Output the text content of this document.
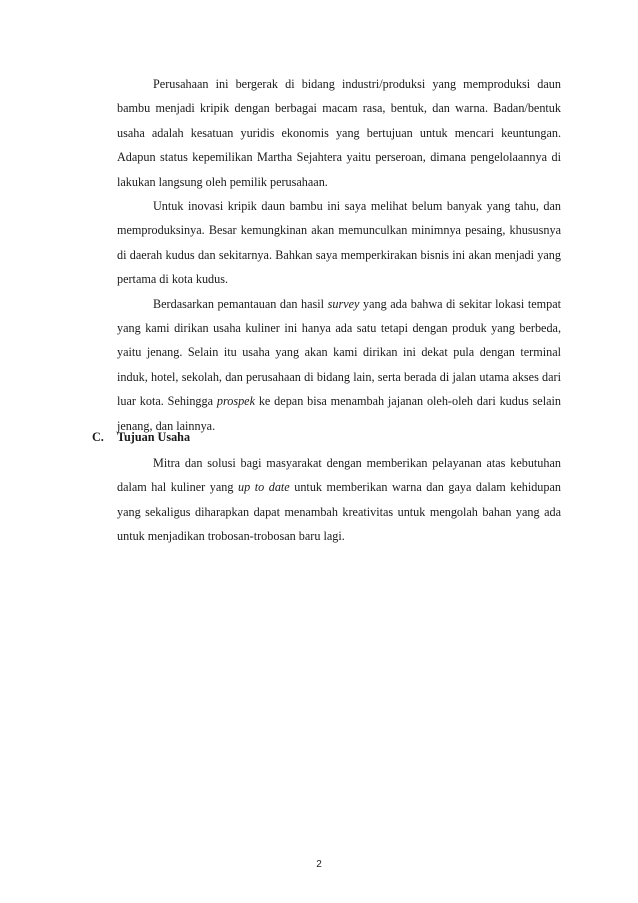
Perusahaan ini bergerak di bidang industri/produksi yang memproduksi daun bambu menjadi kripik dengan berbagai macam rasa, bentuk, dan warna. Badan/bentuk usaha adalah kesatuan yuridis ekonomis yang bertujuan untuk mencari keuntungan. Adapun status kepemilikan Martha Sejahtera yaitu perseroan, dimana pengelolaannya di lakukan langsung oleh pemilik perusahaan.

Untuk inovasi kripik daun bambu ini saya melihat belum banyak yang tahu, dan memproduksinya. Besar kemungkinan akan memunculkan minimnya pesaing, khususnya di daerah kudus dan sekitarnya. Bahkan saya memperkirakan bisnis ini akan menjadi yang pertama di kota kudus.

Berdasarkan pemantauan dan hasil survey yang ada bahwa di sekitar lokasi tempat yang kami dirikan usaha kuliner ini hanya ada satu tetapi dengan produk yang berbeda, yaitu jenang. Selain itu usaha yang akan kami dirikan ini dekat pula dengan terminal induk, hotel, sekolah, dan perusahaan di bidang lain, serta berada di jalan utama akses dari luar kota. Sehingga prospek ke depan bisa menambah jajanan oleh-oleh dari kudus selain jenang, dan lainnya.

C. Tujuan Usaha

Mitra dan solusi bagi masyarakat dengan memberikan pelayanan atas kebutuhan dalam hal kuliner yang up to date untuk memberikan warna dan gaya dalam kehidupan yang sekaligus diharapkan dapat menambah kreativitas untuk mengolah bahan yang ada untuk menjadikan trobosan-trobosan baru lagi.

2
